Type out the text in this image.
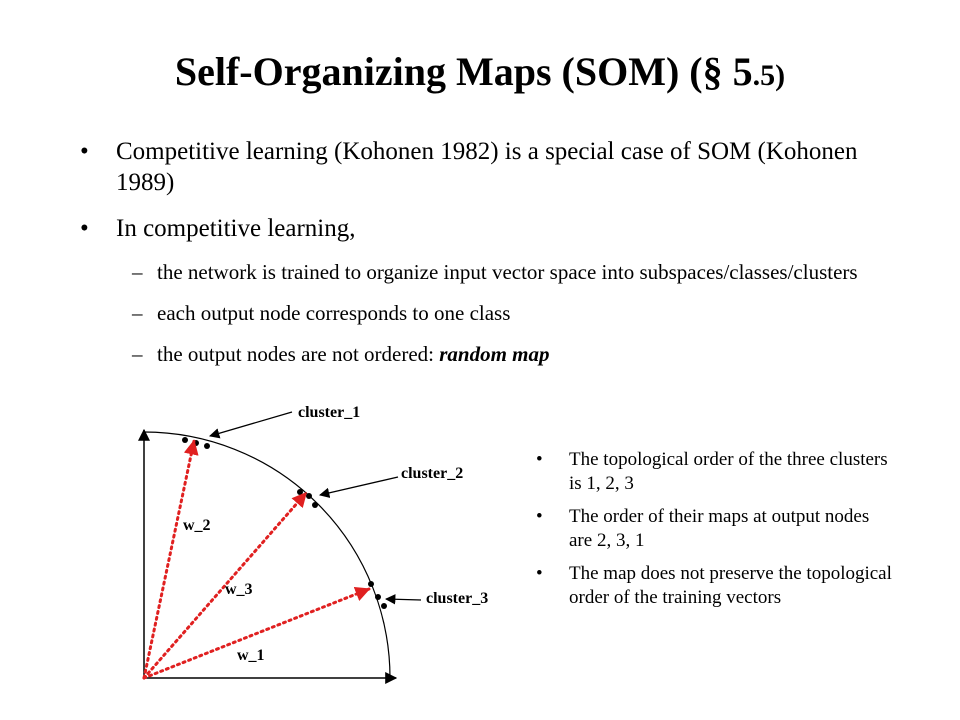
Self-Organizing Maps (SOM) (§ 5.5)
• Competitive learning (Kohonen 1982) is a special case of SOM (Kohonen 1989)
• In competitive learning,
– the network is trained to organize input vector space into subspaces/classes/clusters
– each output node corresponds to one class
– the output nodes are not ordered: random map
cluster_1
cluster_2
cluster_3
w_2
w_3
w_1
• The topological order of the three clusters is 1, 2, 3
• The order of their maps at output nodes are 2, 3, 1
• The map does not preserve the topological order of the training vectors
